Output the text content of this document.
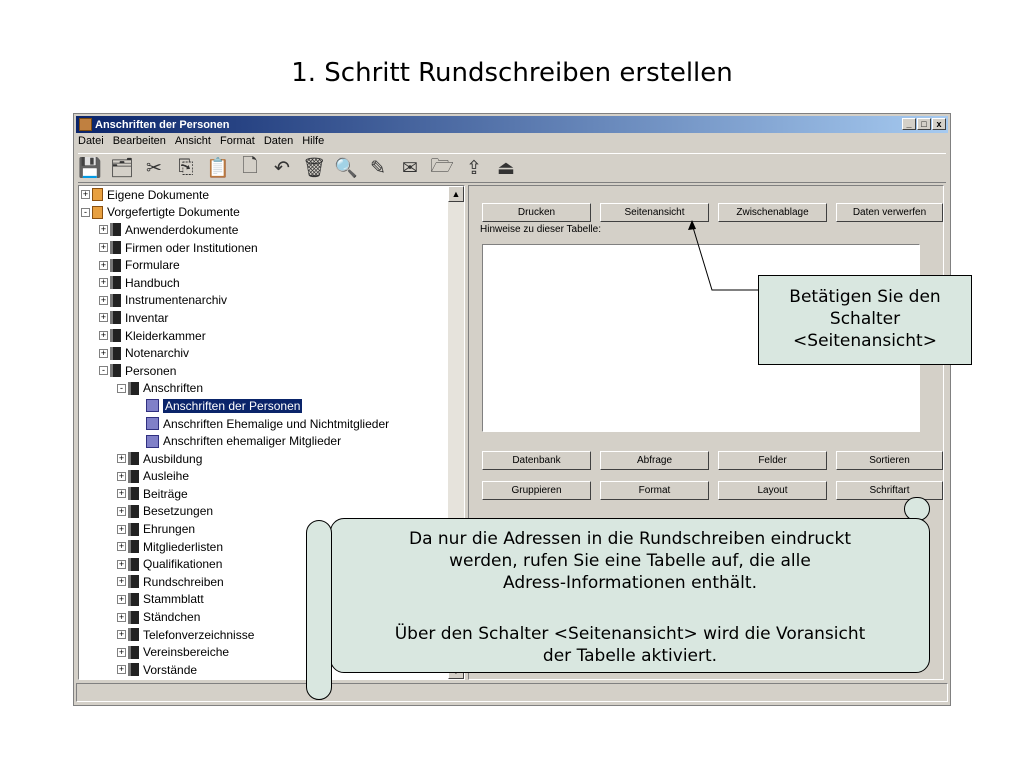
1. Schritt Rundschreiben erstellen
Anschriften der Personen	_	□	x
Datei Bearbeiten Ansicht Format Daten Hilfe
💾 🗂 ✂ ⎘ 📋 🗋 ↶ 🗑 🔍 ✎ ✉ 🗁 ⇪ ⏏
+ Eigene Dokumente
- Vorgefertigte Dokumente
+ Anwenderdokumente
+ Firmen oder Institutionen
+ Formulare
+ Handbuch
+ Instrumentenarchiv
+ Inventar
+ Kleiderkammer
+ Notenarchiv
- Personen
- Anschriften
Anschriften der Personen
Anschriften Ehemalige und Nichtmitglieder
Anschriften ehemaliger Mitglieder
+ Ausbildung
+ Ausleihe
+ Beiträge
+ Besetzungen
+ Ehrungen
+ Mitgliederlisten
+ Qualifikationen
+ Rundschreiben
+ Stammblatt
+ Ständchen
+ Telefonverzeichnisse
+ Vereinsbereiche
+ Vorstände
▲
Drucken	Seitenansicht	Zwischenablage	Daten verwerfen
Hinweise zu dieser Tabelle:
Datenbank	Abfrage	Felder	Sortieren
Gruppieren	Format	Layout	Schriftart
Betätigen Sie den
Schalter
<Seitenansicht>

Da nur die Adressen in die Rundschreiben eindruckt

werden, rufen Sie eine Tabelle auf, die alle

Adress-Informationen enthält.

Über den Schalter <Seitenansicht> wird die Voransicht

der Tabelle aktiviert.
